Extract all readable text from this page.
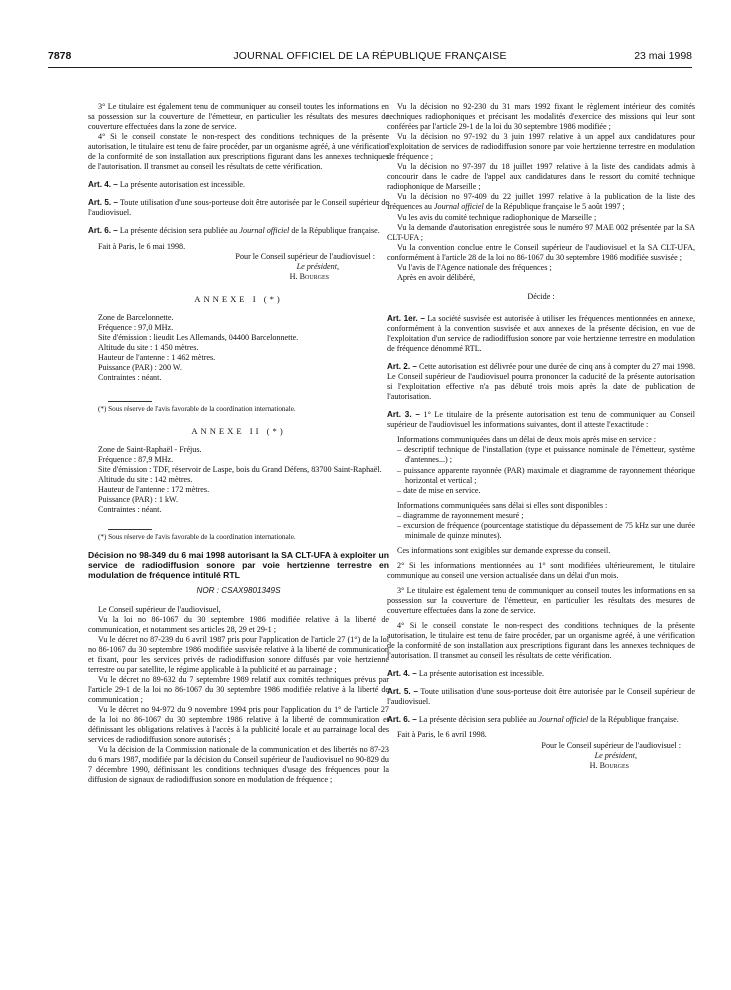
7878	JOURNAL OFFICIEL DE LA RÉPUBLIQUE FRANÇAISE	23 mai 1998

3° Le titulaire est également tenu de communiquer au conseil toutes les informations en sa possession sur la couverture de l'émetteur, en particulier les résultats des mesures de couverture effectuées dans la zone de service.

4° Si le conseil constate le non-respect des conditions techniques de la présente autorisation, le titulaire est tenu de faire procéder, par un organisme agréé, à une vérification de la conformité de son installation aux prescriptions figurant dans les annexes techniques de l'autorisation. Il transmet au conseil les résultats de cette vérification.

Art. 4. – La présente autorisation est incessible.

Art. 5. – Toute utilisation d'une sous-porteuse doit être autorisée par le Conseil supérieur de l'audiovisuel.

Art. 6. – La présente décision sera publiée au Journal officiel de la République française.

Fait à Paris, le 6 mai 1998.

Pour le Conseil supérieur de l'audiovisuel :

Le président,

H. Bourges

ANNEXE I (*)

Zone de Barcelonnette.

Fréquence : 97,0 MHz.

Site d'émission : lieudit Les Allemands, 04400 Barcelonnette.

Altitude du site : 1 450 mètres.

Hauteur de l'antenne : 1 462 mètres.

Puissance (PAR) : 200 W.

Contraintes : néant.

(*) Sous réserve de l'avis favorable de la coordination internationale.

ANNEXE II (*)

Zone de Saint-Raphaël - Fréjus.

Fréquence : 87,9 MHz.

Site d'émission : TDF, réservoir de Laspe, bois du Grand Défens, 83700 Saint-Raphaël.

Altitude du site : 142 mètres.

Hauteur de l'antenne : 172 mètres.

Puissance (PAR) : 1 kW.

Contraintes : néant.

(*) Sous réserve de l'avis favorable de la coordination internationale.

Décision no 98-349 du 6 mai 1998 autorisant la SA CLT-UFA à exploiter un service de radiodiffusion sonore par voie hertzienne terrestre en modulation de fréquence intitulé RTL

NOR : CSAX9801349S

Le Conseil supérieur de l'audiovisuel,

Vu la loi no 86-1067 du 30 septembre 1986 modifiée relative à la liberté de communication, et notamment ses articles 28, 29 et 29-1 ;

Vu le décret no 87-239 du 6 avril 1987 pris pour l'application de l'article 27 (1°) de la loi no 86-1067 du 30 septembre 1986 modifiée susvisée relative à la liberté de communication et fixant, pour les services privés de radiodiffusion sonore diffusés par voie hertzienne terrestre ou par satellite, le régime applicable à la publicité et au parrainage ;

Vu le décret no 89-632 du 7 septembre 1989 relatif aux comités techniques prévus par l'article 29-1 de la loi no 86-1067 du 30 septembre 1986 modifiée relative à la liberté de communication ;

Vu le décret no 94-972 du 9 novembre 1994 pris pour l'application du 1° de l'article 27 de la loi no 86-1067 du 30 septembre 1986 relative à la liberté de communication et définissant les obligations relatives à l'accès à la publicité locale et au parrainage local des services de radiodiffusion sonore autorisés ;

Vu la décision de la Commission nationale de la communication et des libertés no 87-23 du 6 mars 1987, modifiée par la décision du Conseil supérieur de l'audiovisuel no 90-829 du 7 décembre 1990, définissant les conditions techniques d'usage des fréquences pour la diffusion de signaux de radiodiffusion sonore en modulation de fréquence ;

Vu la décision no 92-230 du 31 mars 1992 fixant le règlement intérieur des comités techniques radiophoniques et précisant les modalités d'exercice des missions qui leur sont conférées par l'article 29-1 de la loi du 30 septembre 1986 modifiée ;

Vu la décision no 97-192 du 3 juin 1997 relative à un appel aux candidatures pour l'exploitation de services de radiodiffusion sonore par voie hertzienne terrestre en modulation de fréquence ;

Vu la décision no 97-397 du 18 juillet 1997 relative à la liste des candidats admis à concourir dans le cadre de l'appel aux candidatures dans le ressort du comité technique radiophonique de Marseille ;

Vu la décision no 97-409 du 22 juillet 1997 relative à la publication de la liste des fréquences au Journal officiel de la République française le 5 août 1997 ;

Vu les avis du comité technique radiophonique de Marseille ;

Vu la demande d'autorisation enregistrée sous le numéro 97 MAE 002 présentée par la SA CLT-UFA ;

Vu la convention conclue entre le Conseil supérieur de l'audiovisuel et la SA CLT-UFA, conformément à l'article 28 de la loi no 86-1067 du 30 septembre 1986 modifiée susvisée ;

Vu l'avis de l'Agence nationale des fréquences ;

Après en avoir délibéré,

Décide :

Art. 1er. – La société susvisée est autorisée à utiliser les fréquences mentionnées en annexe, conformément à la convention susvisée et aux annexes de la présente décision, en vue de l'exploitation d'un service de radiodiffusion sonore par voie hertzienne terrestre en modulation de fréquence dénommé RTL.

Art. 2. – Cette autorisation est délivrée pour une durée de cinq ans à compter du 27 mai 1998. Le Conseil supérieur de l'audiovisuel pourra prononcer la caducité de la présente autorisation si l'exploitation effective n'a pas débuté trois mois après la date de publication de l'autorisation.

Art. 3. – 1° Le titulaire de la présente autorisation est tenu de communiquer au Conseil supérieur de l'audiovisuel les informations suivantes, dont il atteste l'exactitude :

Informations communiquées dans un délai de deux mois après mise en service :

– descriptif technique de l'installation (type et puissance nominale de l'émetteur, système d'antennes...) ;

– puissance apparente rayonnée (PAR) maximale et diagramme de rayonnement théorique horizontal et vertical ;

– date de mise en service.

Informations communiquées sans délai si elles sont disponibles :

– diagramme de rayonnement mesuré ;

– excursion de fréquence (pourcentage statistique du dépassement de 75 kHz sur une durée minimale de quinze minutes).

Ces informations sont exigibles sur demande expresse du conseil.

2° Si les informations mentionnées au 1° sont modifiées ultérieurement, le titulaire communique au conseil une version actualisée dans un délai d'un mois.

3° Le titulaire est également tenu de communiquer au conseil toutes les informations en sa possession sur la couverture de l'émetteur, en particulier les résultats des mesures de couverture effectuées dans la zone de service.

4° Si le conseil constate le non-respect des conditions techniques de la présente autorisation, le titulaire est tenu de faire procéder, par un organisme agréé, à une vérification de la conformité de son installation aux prescriptions figurant dans les annexes techniques de l'autorisation. Il transmet au conseil les résultats de cette vérification.

Art. 4. – La présente autorisation est incessible.

Art. 5. – Toute utilisation d'une sous-porteuse doit être autorisée par le Conseil supérieur de l'audiovisuel.

Art. 6. – La présente décision sera publiée au Journal officiel de la République française.

Fait à Paris, le 6 avril 1998.

Pour le Conseil supérieur de l'audiovisuel :

Le président,

H. Bourges
